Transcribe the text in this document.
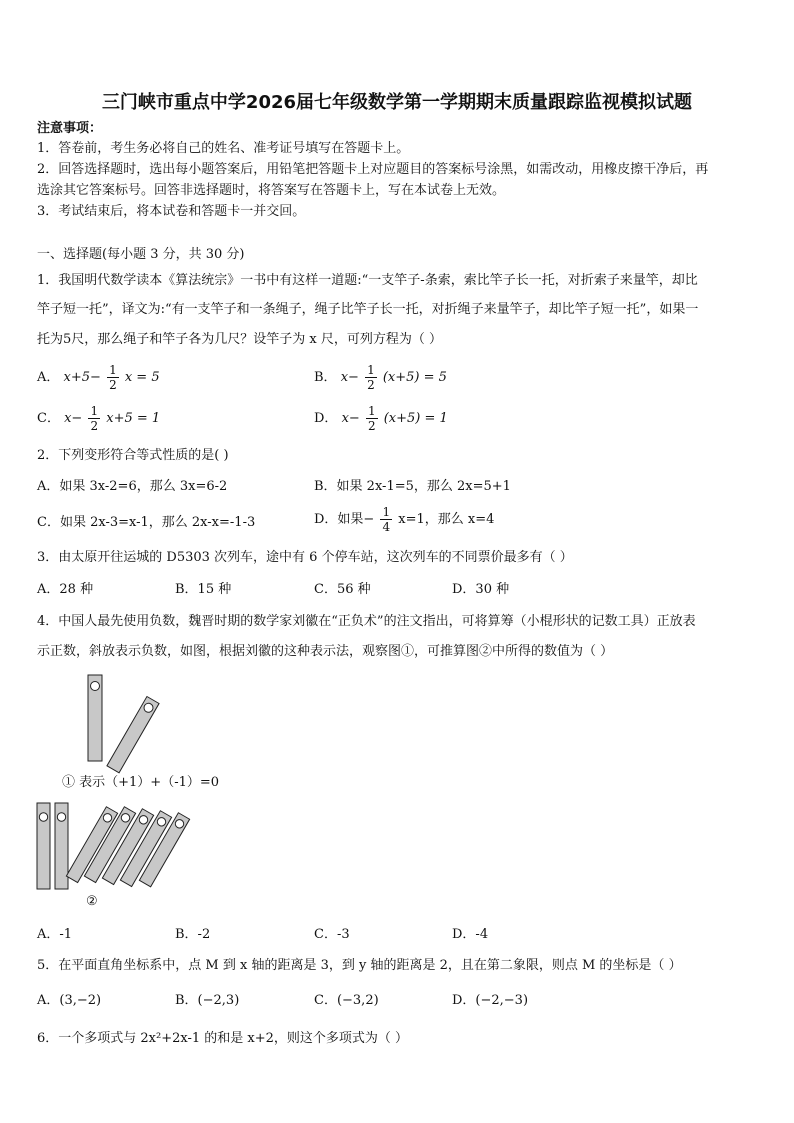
三门峡市重点中学2026届七年级数学第一学期期末质量跟踪监视模拟试题
注意事项：
1．答卷前，考生务必将自己的姓名、准考证号填写在答题卡上。
2．回答选择题时，选出每小题答案后，用铅笔把答题卡上对应题目的答案标号涂黑，如需改动，用橡皮擦干净后，再
选涂其它答案标号。回答非选择题时，将答案写在答题卡上，写在本试卷上无效。
3．考试结束后，将本试卷和答题卡一并交回。
一、选择题(每小题 3 分，共 30 分)
1．我国明代数学读本《算法统宗》一书中有这样一道题:“一支竿子-条索，索比竿子长一托，对折索子来量竿，却比
竿子短一托”，译文为:“有一支竿子和一条绳子，绳子比竿子长一托，对折绳子来量竿子，却比竿子短一托”，如果一
托为5尺，那么绳子和竿子各为几尺？设竿子为 x 尺，可列方程为（ ）
A． $x+5- \frac{1}{2}$ x = 5	B． $x- \frac{1}{2} (x+5) = 5$
C． $x- \frac{1}{2} x+5 = 1$	D． $x- \frac{1}{2} (x+5) = 1$
2．下列变形符合等式性质的是( )
A．如果 3x-2=6，那么 3x=6-2	B．如果 2x-1=5，那么 2x=5+1
C．如果 2x-3=x-1，那么 2x-x=-1-3	D．如果− $\frac{1}{4} x=1$，那么 x=4
3．由太原开往运城的 D5303 次列车，途中有 6 个停车站，这次列车的不同票价最多有（ ）
A．28 种	B．15 种	C．56 种	D．30 种
4．中国人最先使用负数，魏晋时期的数学家刘徽在“正负术”的注文指出，可将算筹（小棍形状的记数工具）正放表
示正数，斜放表示负数，如图，根据刘徽的这种表示法，观察图①，可推算图②中所得的数值为（ ）
① 表示（+1）+（-1）=0
②
A．-1	B．-2	C．-3	D．-4
5．在平面直角坐标系中，点 M 到 x 轴的距离是 3，到 y 轴的距离是 2，且在第二象限，则点 M 的坐标是（ ）
A．(3,−2)	B．(−2,3)	C．(−3,2)	D．(−2,−3)
6．一个多项式与 2x²+2x-1 的和是 x+2，则这个多项式为（ ）
